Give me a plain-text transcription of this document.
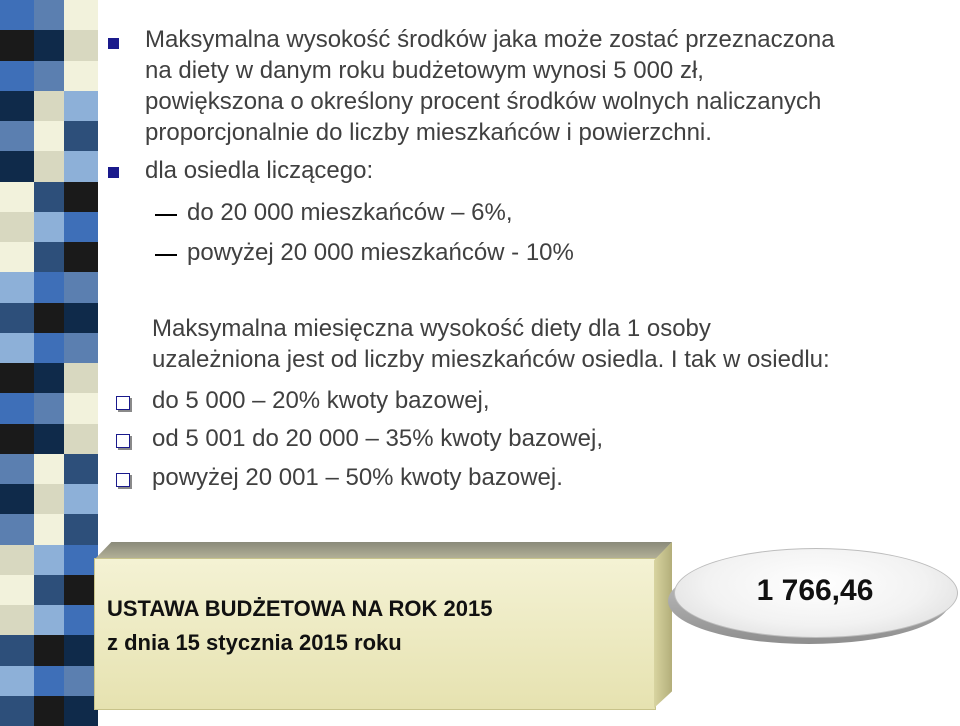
Maksymalna wysokość środków jaka może zostać przeznaczona
na diety w danym roku budżetowym wynosi 5 000 zł,
powiększona o określony procent środków wolnych naliczanych
proporcjonalnie do liczby mieszkańców i powierzchni.
dla osiedla liczącego:
do 20 000 mieszkańców – 6%,
powyżej 20 000 mieszkańców - 10%
Maksymalna miesięczna wysokość diety dla 1 osoby
uzależniona jest od liczby mieszkańców osiedla. I tak w osiedlu:
do 5 000 – 20% kwoty bazowej,
od 5 001 do 20 000 – 35% kwoty bazowej,
powyżej 20 001 – 50% kwoty bazowej.
USTAWA BUDŻETOWA NA ROK 2015
z dnia 15 stycznia 2015 roku
1 766,46
